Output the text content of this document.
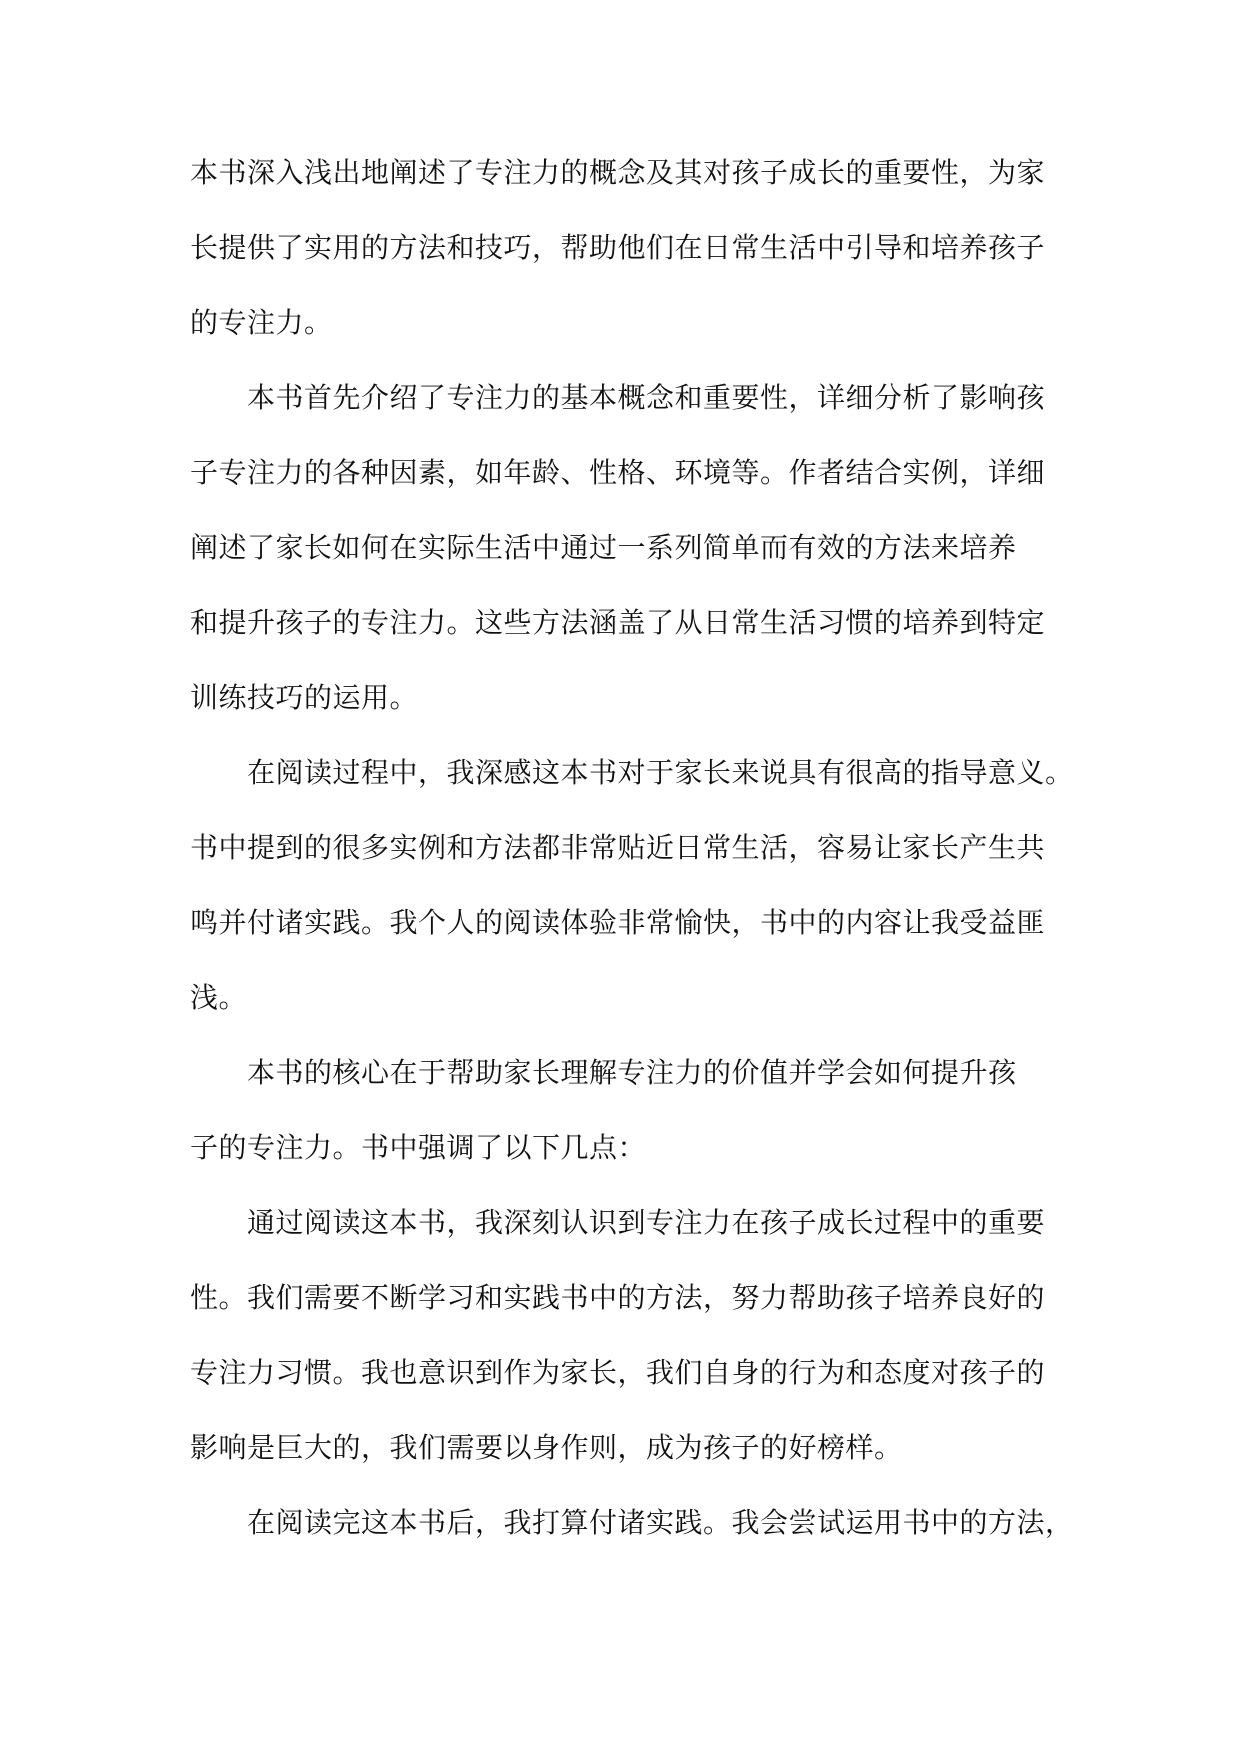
本书深入浅出地阐述了专注力的概念及其对孩子成长的重要性，为家
长提供了实用的方法和技巧，帮助他们在日常生活中引导和培养孩子
的专注力。
本书首先介绍了专注力的基本概念和重要性，详细分析了影响孩
子专注力的各种因素，如年龄、性格、环境等。作者结合实例，详细
阐述了家长如何在实际生活中通过一系列简单而有效的方法来培养
和提升孩子的专注力。这些方法涵盖了从日常生活习惯的培养到特定
训练技巧的运用。
在阅读过程中，我深感这本书对于家长来说具有很高的指导意义。
书中提到的很多实例和方法都非常贴近日常生活，容易让家长产生共
鸣并付诸实践。我个人的阅读体验非常愉快，书中的内容让我受益匪
浅。
本书的核心在于帮助家长理解专注力的价值并学会如何提升孩
子的专注力。书中强调了以下几点：
通过阅读这本书，我深刻认识到专注力在孩子成长过程中的重要
性。我们需要不断学习和实践书中的方法，努力帮助孩子培养良好的
专注力习惯。我也意识到作为家长，我们自身的行为和态度对孩子的
影响是巨大的，我们需要以身作则，成为孩子的好榜样。
在阅读完这本书后，我打算付诸实践。我会尝试运用书中的方法，
